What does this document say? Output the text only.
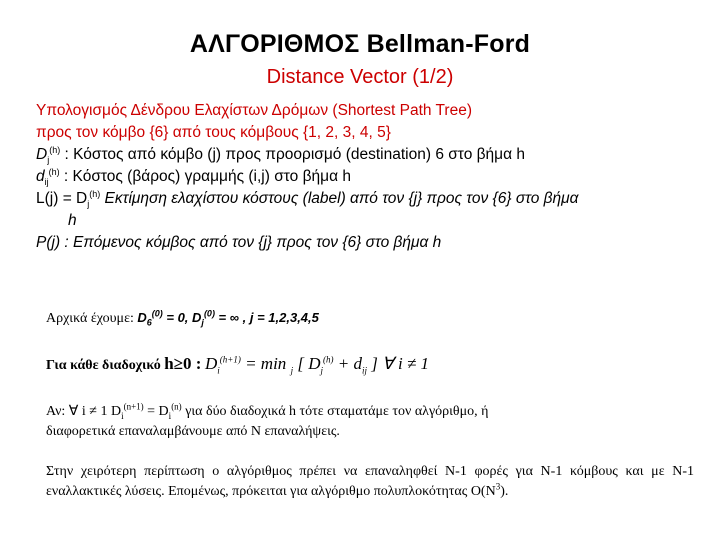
ΑΛΓΟΡΙΘΜΟΣ Bellman-Ford
Distance Vector (1/2)
Υπολογισμός Δένδρου Ελαχίστων Δρόμων (Shortest Path Tree)
προς τον κόμβο {6} από τους κόμβους {1, 2, 3, 4, 5}
$D_j^{(h)}$ : Κόστος από κόμβο (j) προς προορισμό (destination) 6 στο βήμα h
$d_{ij}^{(h)}$ : Κόστος (βάρος) γραμμής (i,j) στο βήμα h
$L(j) = D_j^{(h)}$ Εκτίμηση ελαχίστου κόστους (label) από τον {j} προς τον {6} στο βήμα
h
P(j) : Επόμενος κόμβος από τον {j} προς τον {6} στο βήμα h
Αρχικά έχουμε: $D_6^{(0)} = 0$, $D_j^{(0)}$ = ∞ , j = 1,2,3,4,5
Για κάθε διαδοχικό h≥0 : $D_i^{(h+1)} = \min _j$ [ $D_j^{(h)} + d_{ij}$ ] ∀ i ≠ 1
Αν: ∀ i ≠ 1 $D_i^{(n+1)} = D_i^{(n)}$ για δύο διαδοχικά h τότε σταματάμε τον αλγόριθμο, ή
διαφορετικά επαναλαμβάνουμε από Ν επαναλήψεις.
Στην χειρότερη περίπτωση ο αλγόριθμος πρέπει να επαναληφθεί N-1 φορές για N-1 κόμβους και με N-1 εναλλακτικές λύσεις. Επομένως, πρόκειται για αλγόριθμο πολυπλοκότητας $O(N^3)$.
